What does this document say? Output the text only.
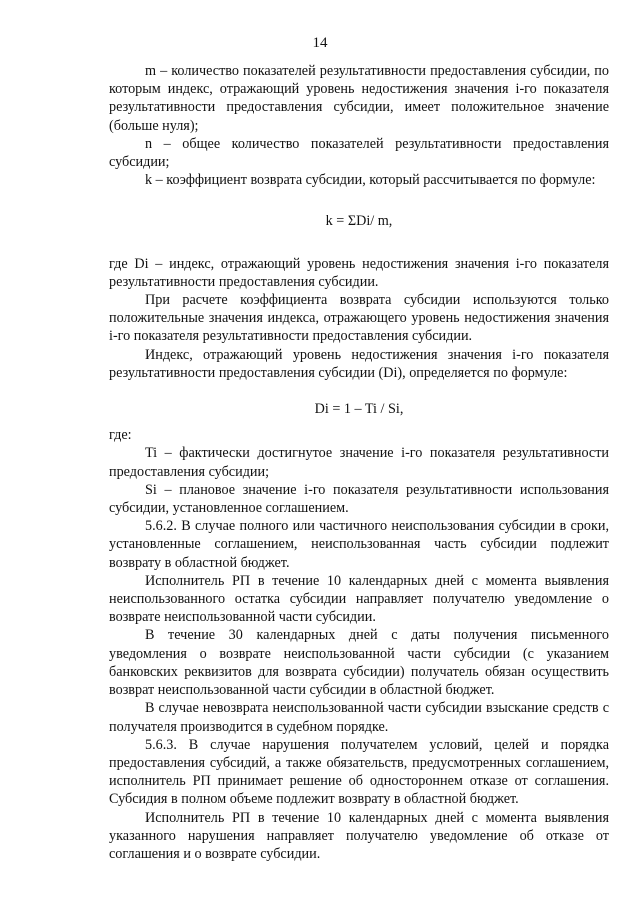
14

m – количество показателей результативности предоставления субсидии, по которым индекс, отражающий уровень недостижения значения i-го показателя результативности предоставления субсидии, имеет положительное значение (больше нуля);

n – общее количество показателей результативности предоставления субсидии;

k – коэффициент возврата субсидии, который рассчитывается по формуле:

k = ΣDi/ m,

где Di – индекс, отражающий уровень недостижения значения i-го показателя результативности предоставления субсидии.

При расчете коэффициента возврата субсидии используются только положительные значения индекса, отражающего уровень недостижения значения i-го показателя результативности предоставления субсидии.

Индекс, отражающий уровень недостижения значения i-го показателя результативности предоставления субсидии (Di), определяется по формуле:

Di = 1 – Ti / Si,

где:

Ti – фактически достигнутое значение i-го показателя результативности предоставления субсидии;

Si – плановое значение i-го показателя результативности использования субсидии, установленное соглашением.

5.6.2. В случае полного или частичного неиспользования субсидии в сроки, установленные соглашением, неиспользованная часть субсидии подлежит возврату в областной бюджет.

Исполнитель РП в течение 10 календарных дней с момента выявления неиспользованного остатка субсидии направляет получателю уведомление о возврате неиспользованной части субсидии.

В течение 30 календарных дней с даты получения письменного уведомления о возврате неиспользованной части субсидии (с указанием банковских реквизитов для возврата субсидии) получатель обязан осуществить возврат неиспользованной части субсидии в областной бюджет.

В случае невозврата неиспользованной части субсидии взыскание средств с получателя производится в судебном порядке.

5.6.3. В случае нарушения получателем условий, целей и порядка предоставления субсидий, а также обязательств, предусмотренных соглашением, исполнитель РП принимает решение об одностороннем отказе от соглашения. Субсидия в полном объеме подлежит возврату в областной бюджет.

Исполнитель РП в течение 10 календарных дней с момента выявления указанного нарушения направляет получателю уведомление об отказе от соглашения и о возврате субсидии.
